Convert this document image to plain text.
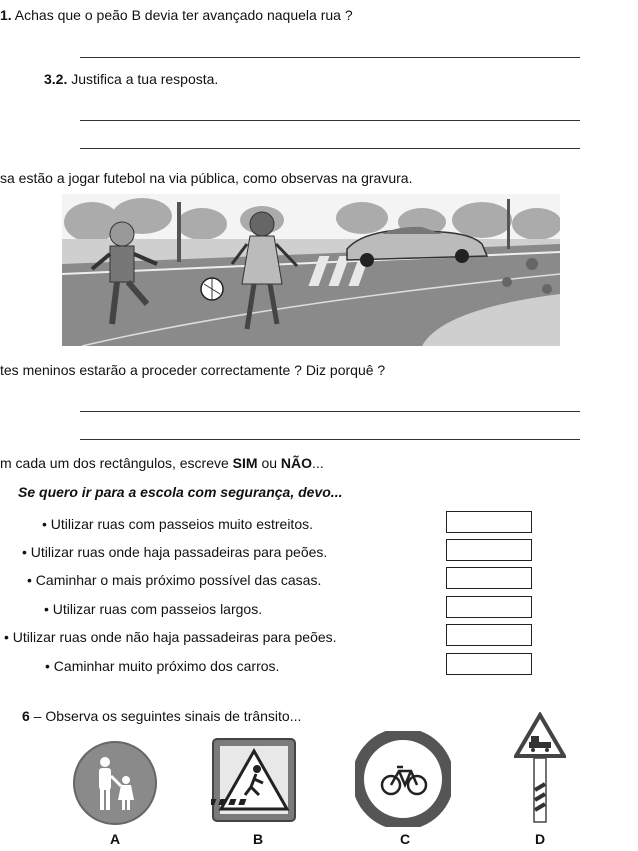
1. Achas que o peão B devia ter avançado naquela rua ?
3.2. Justifica a tua resposta.
sa estão a jogar futebol na via pública, como observas na gravura.
tes meninos estarão a proceder correctamente ? Diz porquê ?
m cada um dos rectângulos, escreve SIM ou NÃO...
Se quero ir para a escola com segurança, devo...
• Utilizar ruas com passeios muito estreitos.
• Utilizar ruas onde haja passadeiras para peões.
• Caminhar o mais próximo possível das casas.
• Utilizar ruas com passeios largos.
• Utilizar ruas onde não haja passadeiras para peões.
• Caminhar muito próximo dos carros.
6 – Observa os seguintes sinais de trânsito...
A	B	C	D
